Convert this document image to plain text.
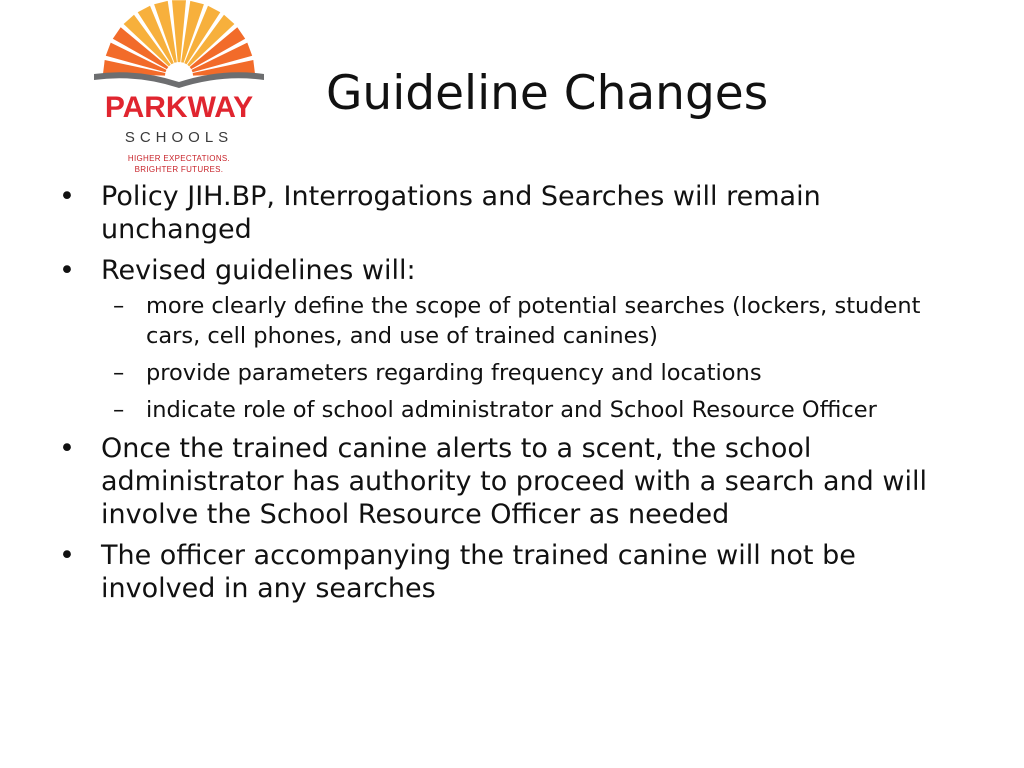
PARKWAY
SCHOOLS
HIGHER EXPECTATIONS.
BRIGHTER FUTURES.
Guideline Changes
• Policy JIH.BP, Interrogations and Searches will remain unchanged
• Revised guidelines will:
– more clearly define the scope of potential searches (lockers, student cars, cell phones, and use of trained canines)
– provide parameters regarding frequency and locations
– indicate role of school administrator and School Resource Officer
• Once the trained canine alerts to a scent, the school administrator has authority to proceed with a search and will involve the School Resource Officer as needed
• The officer accompanying the trained canine will not be involved in any searches
